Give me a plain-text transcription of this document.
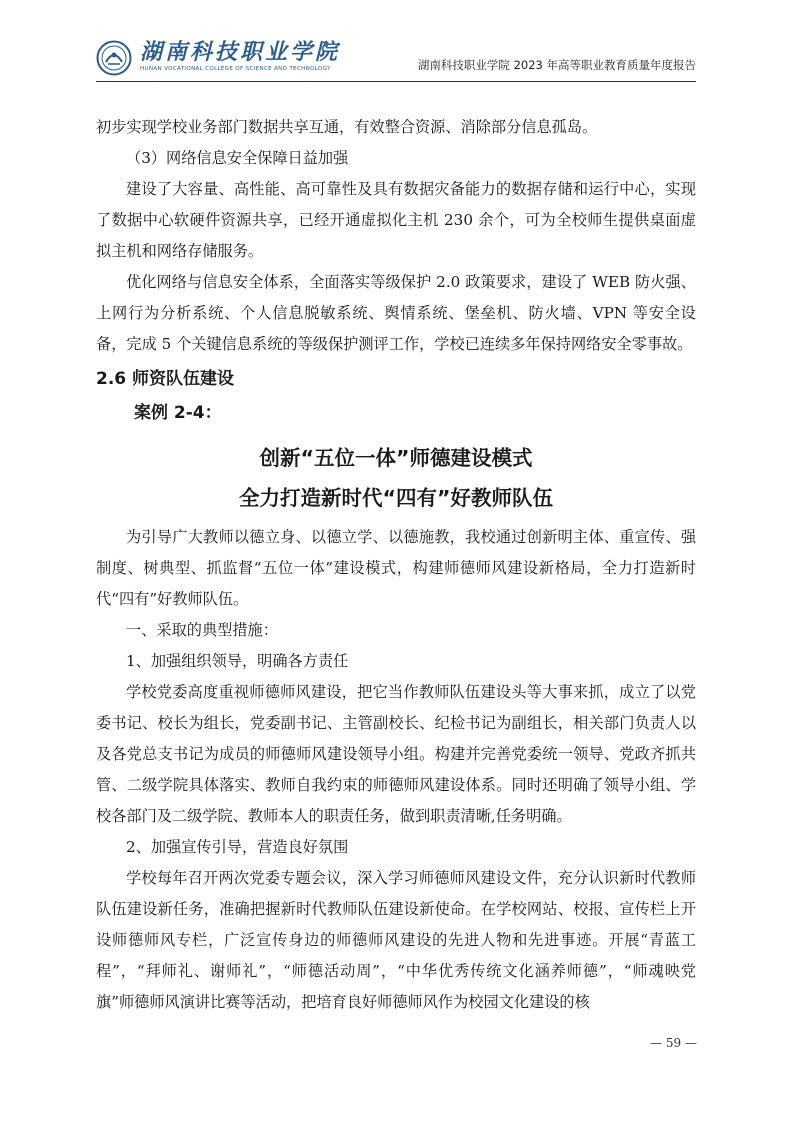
湖南科技职业学院
HUNAN VOCATIONAL COLLEGE OF SCIENCE AND TECHNOLOGY	湖南科技职业学院 2023 年高等职业教育质量年度报告

初步实现学校业务部门数据共享互通，有效整合资源、消除部分信息孤岛。

（3）网络信息安全保障日益加强

建设了大容量、高性能、高可靠性及具有数据灾备能力的数据存储和运行中心，实现了数据中心软硬件资源共享，已经开通虚拟化主机 230 余个，可为全校师生提供桌面虚拟主机和网络存储服务。

优化网络与信息安全体系，全面落实等级保护 2.0 政策要求，建设了 WEB 防火强、上网行为分析系统、个人信息脱敏系统、舆情系统、堡垒机、防火墙、VPN 等安全设备，完成 5 个关键信息系统的等级保护测评工作，学校已连续多年保持网络安全零事故。

2.6 师资队伍建设
案例 2-4：
创新“五位一体”师德建设模式
全力打造新时代“四有”好教师队伍

为引导广大教师以德立身、以德立学、以德施教，我校通过创新明主体、重宣传、强制度、树典型、抓监督“五位一体”建设模式，构建师德师风建设新格局，全力打造新时代“四有”好教师队伍。

一、采取的典型措施：

1、加强组织领导，明确各方责任

学校党委高度重视师德师风建设，把它当作教师队伍建设头等大事来抓，成立了以党委书记、校长为组长，党委副书记、主管副校长、纪检书记为副组长，相关部门负责人以及各党总支书记为成员的师德师风建设领导小组。构建并完善党委统一领导、党政齐抓共管、二级学院具体落实、教师自我约束的师德师风建设体系。同时还明确了领导小组、学校各部门及二级学院、教师本人的职责任务，做到职责清晰,任务明确。

2、加强宣传引导，营造良好氛围

学校每年召开两次党委专题会议，深入学习师德师风建设文件，充分认识新时代教师队伍建设新任务，准确把握新时代教师队伍建设新使命。在学校网站、校报、宣传栏上开设师德师风专栏，广泛宣传身边的师德师风建设的先进人物和先进事迹。开展“青蓝工程”，“拜师礼、谢师礼”，“师德活动周”，“中华优秀传统文化涵养师德”，“师魂映党旗”师德师风演讲比赛等活动，把培育良好师德师风作为校园文化建设的核

— 59 —
